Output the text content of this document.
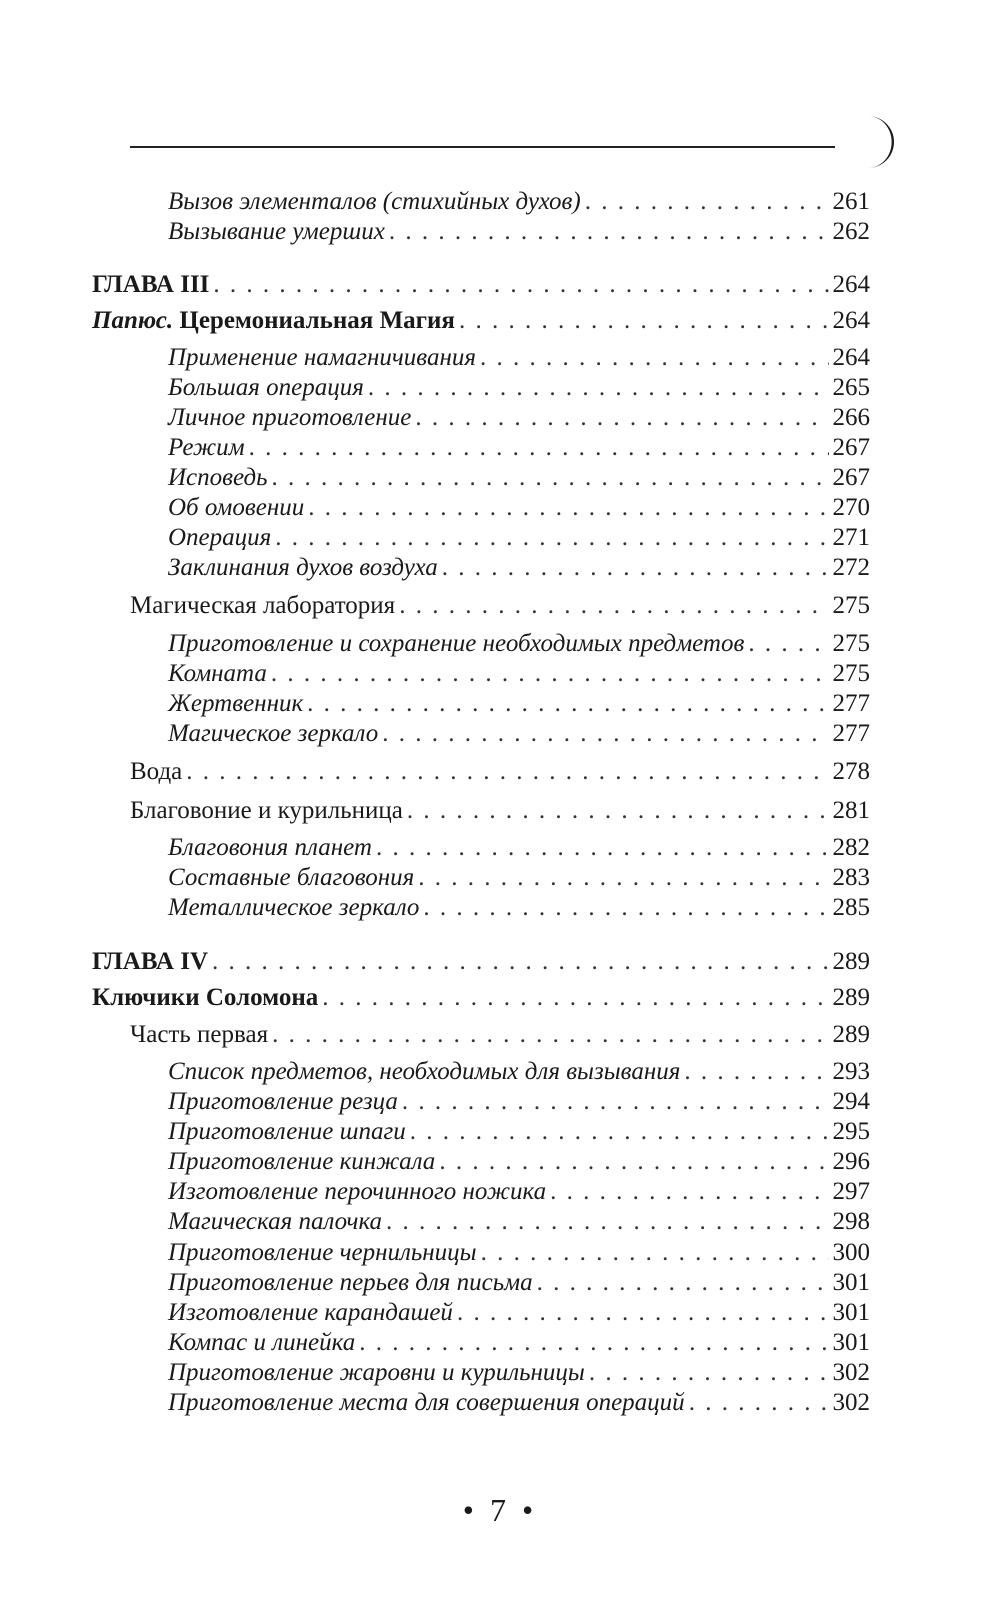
Вызов элементалов (стихийных духов) . . .	261
Вызывание умерших . . .	262
ГЛАВА III . . .	264
Папюс. Церемониальная Магия . . .	264
Применение намагничивания . . .	264
Большая операция . . .	265
Личное приготовление . . .	266
Режим . . .	267
Исповедь . . .	267
Об омовении . . .	270
Операция . . .	271
Заклинания духов воздуха . . .	272
Магическая лаборатория . . .	275
Приготовление и сохранение необходимых предметов . . .	275
Комната . . .	275
Жертвенник . . .	277
Магическое зеркало . . .	277
Вода . . .	278
Благовоние и курильница . . .	281
Благовония планет . . .	282
Составные благовония . . .	283
Металлическое зеркало . . .	285
ГЛАВА IV . . .	289
Ключики Соломона . . .	289
Часть первая . . .	289
Список предметов, необходимых для вызывания . . .	293
Приготовление резца . . .	294
Приготовление шпаги . . .	295
Приготовление кинжала . . .	296
Изготовление перочинного ножика . . .	297
Магическая палочка . . .	298
Приготовление чернильницы . . .	300
Приготовление перьев для письма . . .	301
Изготовление карандашей . . .	301
Компас и линейка . . .	301
Приготовление жаровни и курильницы . . .	302
Приготовление места для совершения операций . . .	302
• 7 •
